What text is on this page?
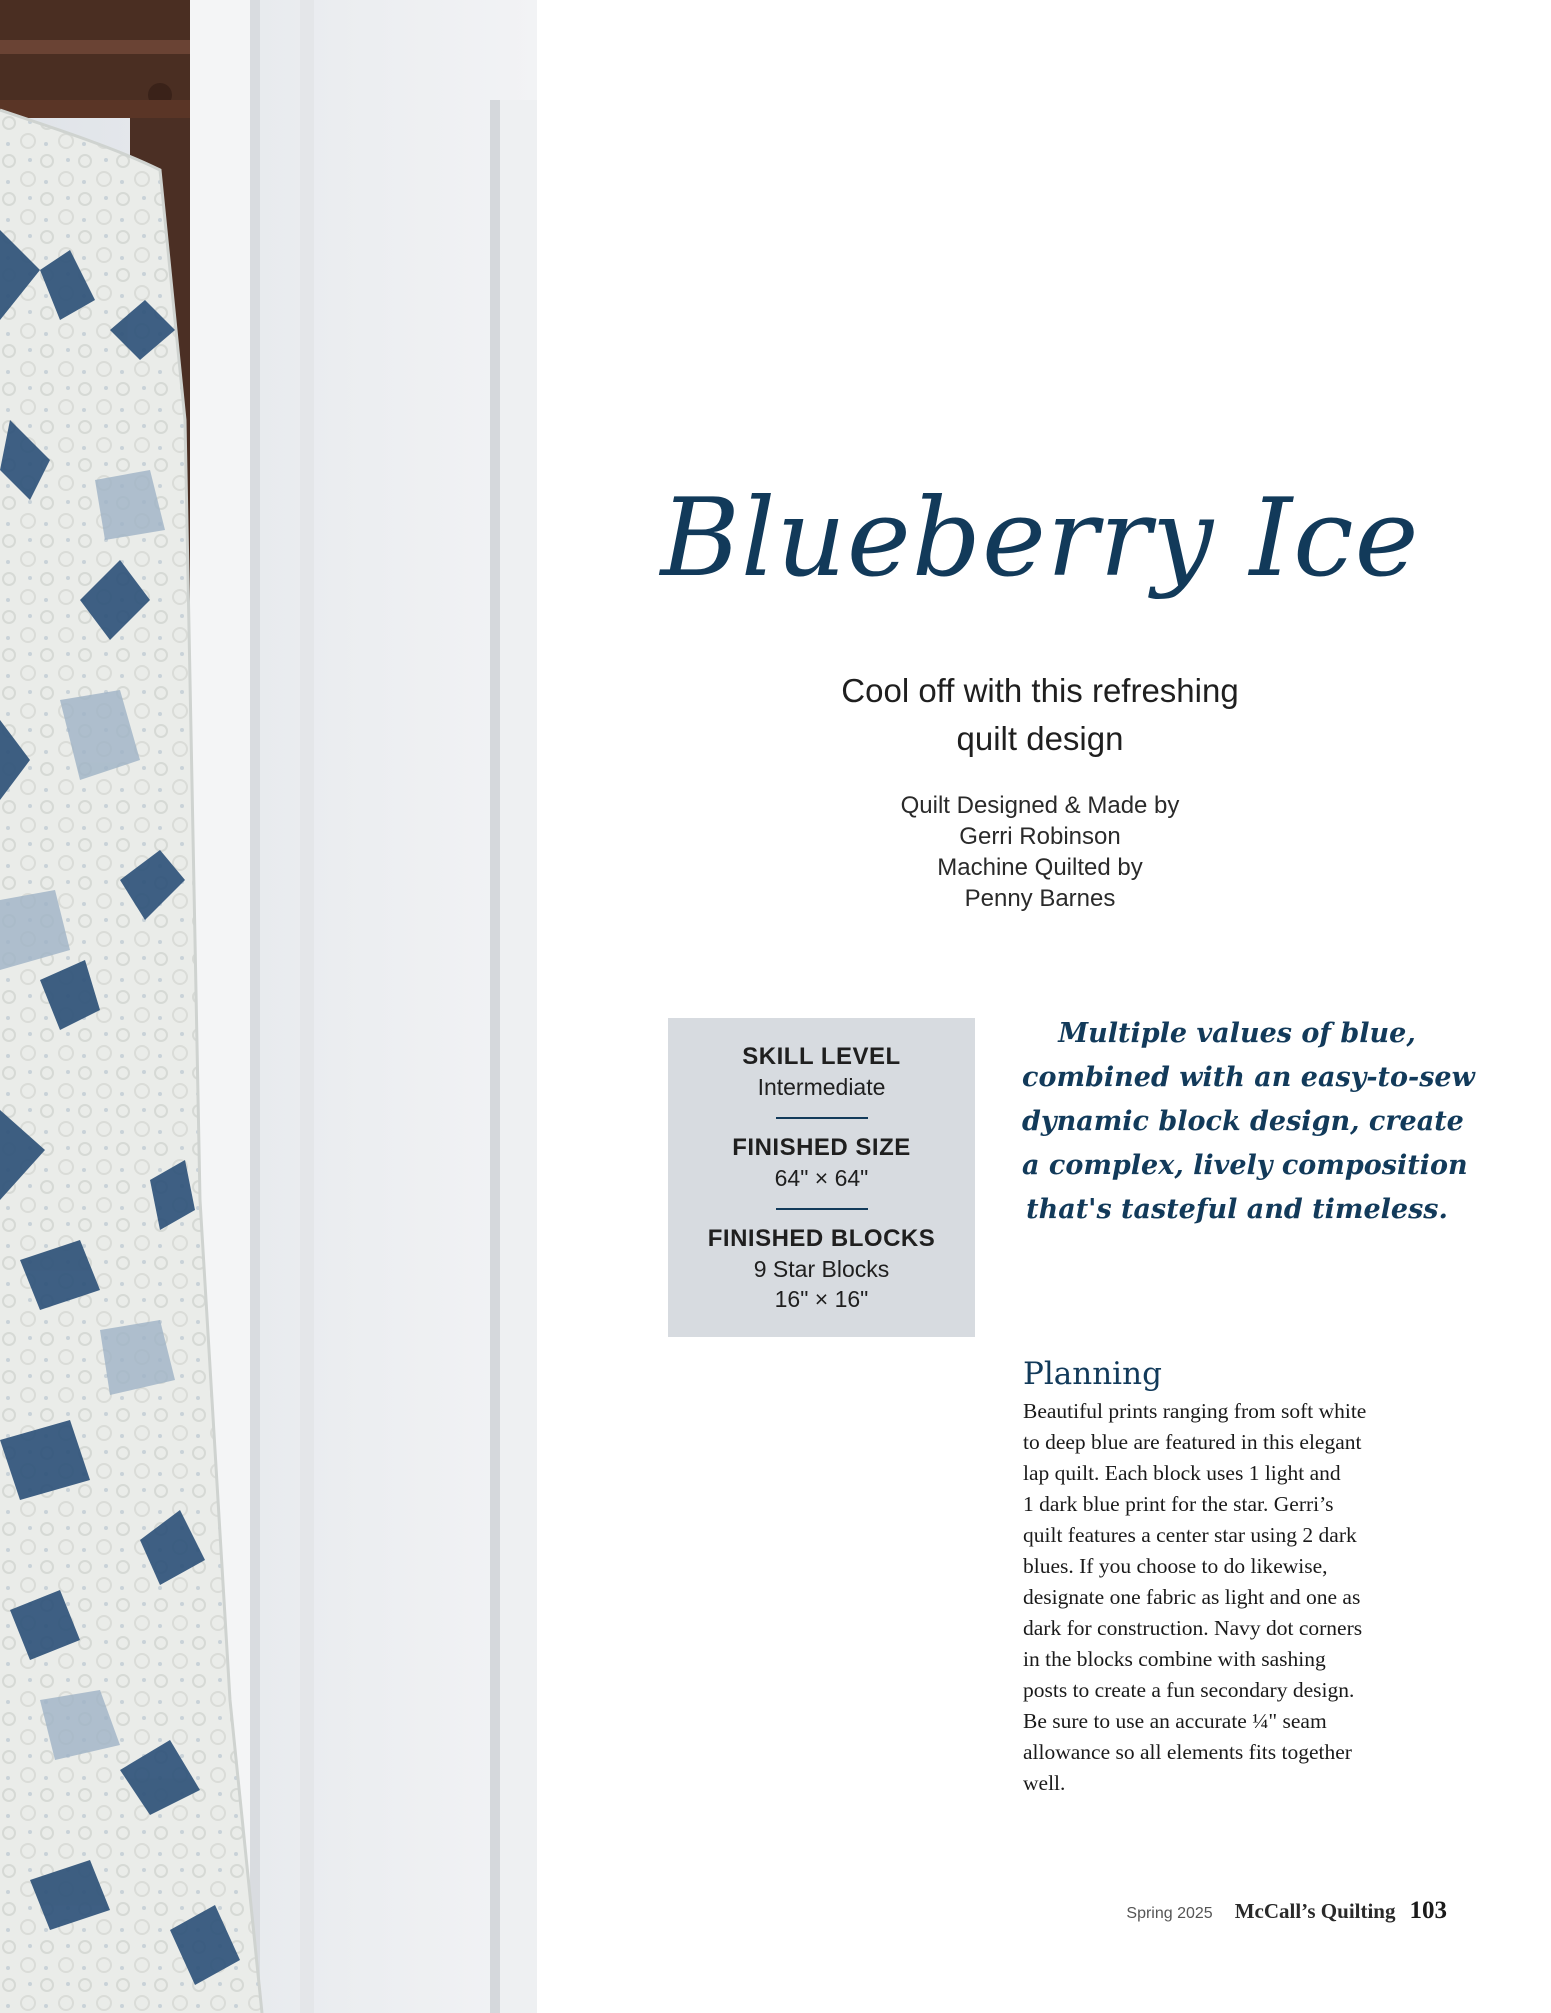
Blueberry Ice
Cool off with this refreshing
quilt design
Quilt Designed & Made by
Gerri Robinson
Machine Quilted by
Penny Barnes
SKILL LEVEL
Intermediate
FINISHED SIZE
64" × 64"
FINISHED BLOCKS
9 Star Blocks
16" × 16"
Multiple values of blue,
combined with an easy-to-sew
dynamic block design, create
a complex, lively composition
that's tasteful and timeless.
Planning
Beautiful prints ranging from soft white
to deep blue are featured in this elegant
lap quilt. Each block uses 1 light and
1 dark blue print for the star. Gerri’s
quilt features a center star using 2 dark
blues. If you choose to do likewise,
designate one fabric as light and one as
dark for construction. Navy dot corners
in the blocks combine with sashing
posts to create a fun secondary design.
Be sure to use an accurate ¼" seam
allowance so all elements fits together
well.
Spring 2025 McCall’s Quilting 103
